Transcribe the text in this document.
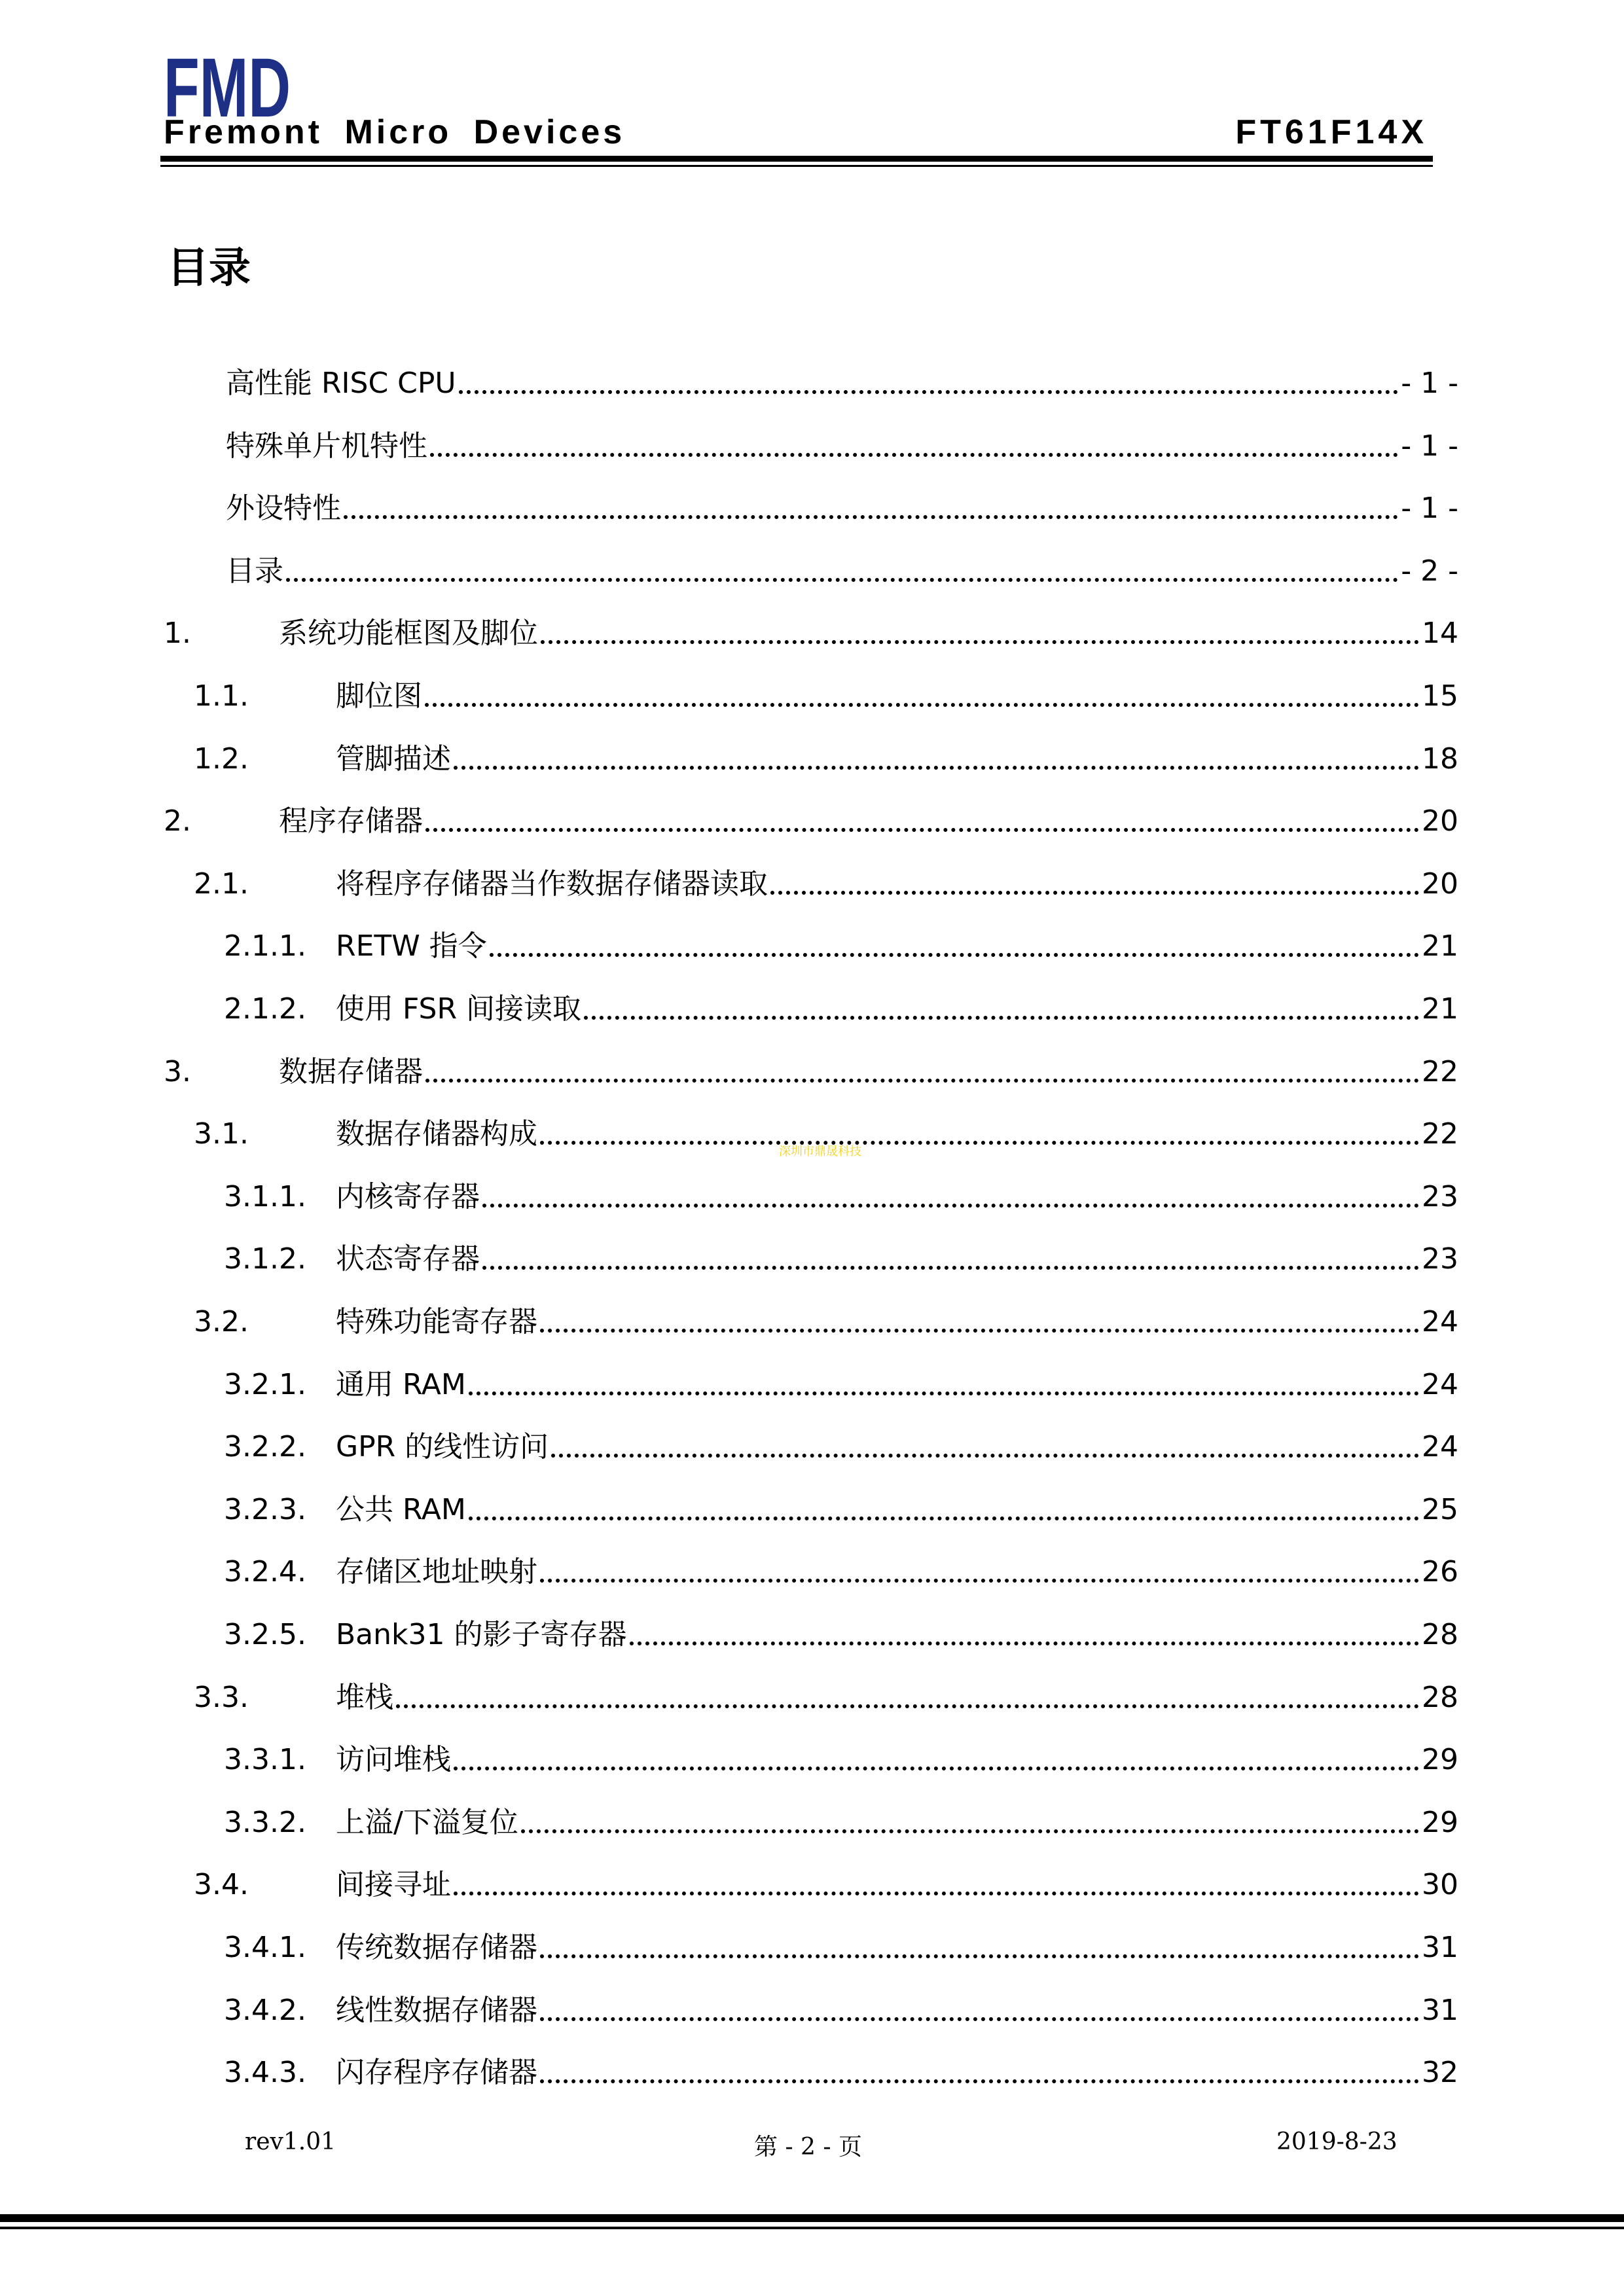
FMD
Fremont Micro Devices	FT61F14X
目录
高性能 RISC CPU	- 1 -
特殊单片机特性	- 1 -
外设特性	- 1 -
目录	- 2 -
1.	系统功能框图及脚位	14
1.1.	脚位图	15
1.2.	管脚描述	18
2.	程序存储器	20
2.1.	将程序存储器当作数据存储器读取	20
2.1.1.	RETW 指令	21
2.1.2.	使用 FSR 间接读取	21
3.	数据存储器	22
3.1.	数据存储器构成	22
3.1.1.	内核寄存器	23
3.1.2.	状态寄存器	23
3.2.	特殊功能寄存器	24
3.2.1.	通用 RAM	24
3.2.2.	GPR 的线性访问	24
3.2.3.	公共 RAM	25
3.2.4.	存储区地址映射	26
3.2.5.	Bank31 的影子寄存器	28
3.3.	堆栈	28
3.3.1.	访问堆栈	29
3.3.2.	上溢/下溢复位	29
3.4.	间接寻址	30
3.4.1.	传统数据存储器	31
3.4.2.	线性数据存储器	31
3.4.3.	闪存程序存储器	32
深圳市鼎晟科技
rev1.01	第 - 2 - 页	2019-8-23
